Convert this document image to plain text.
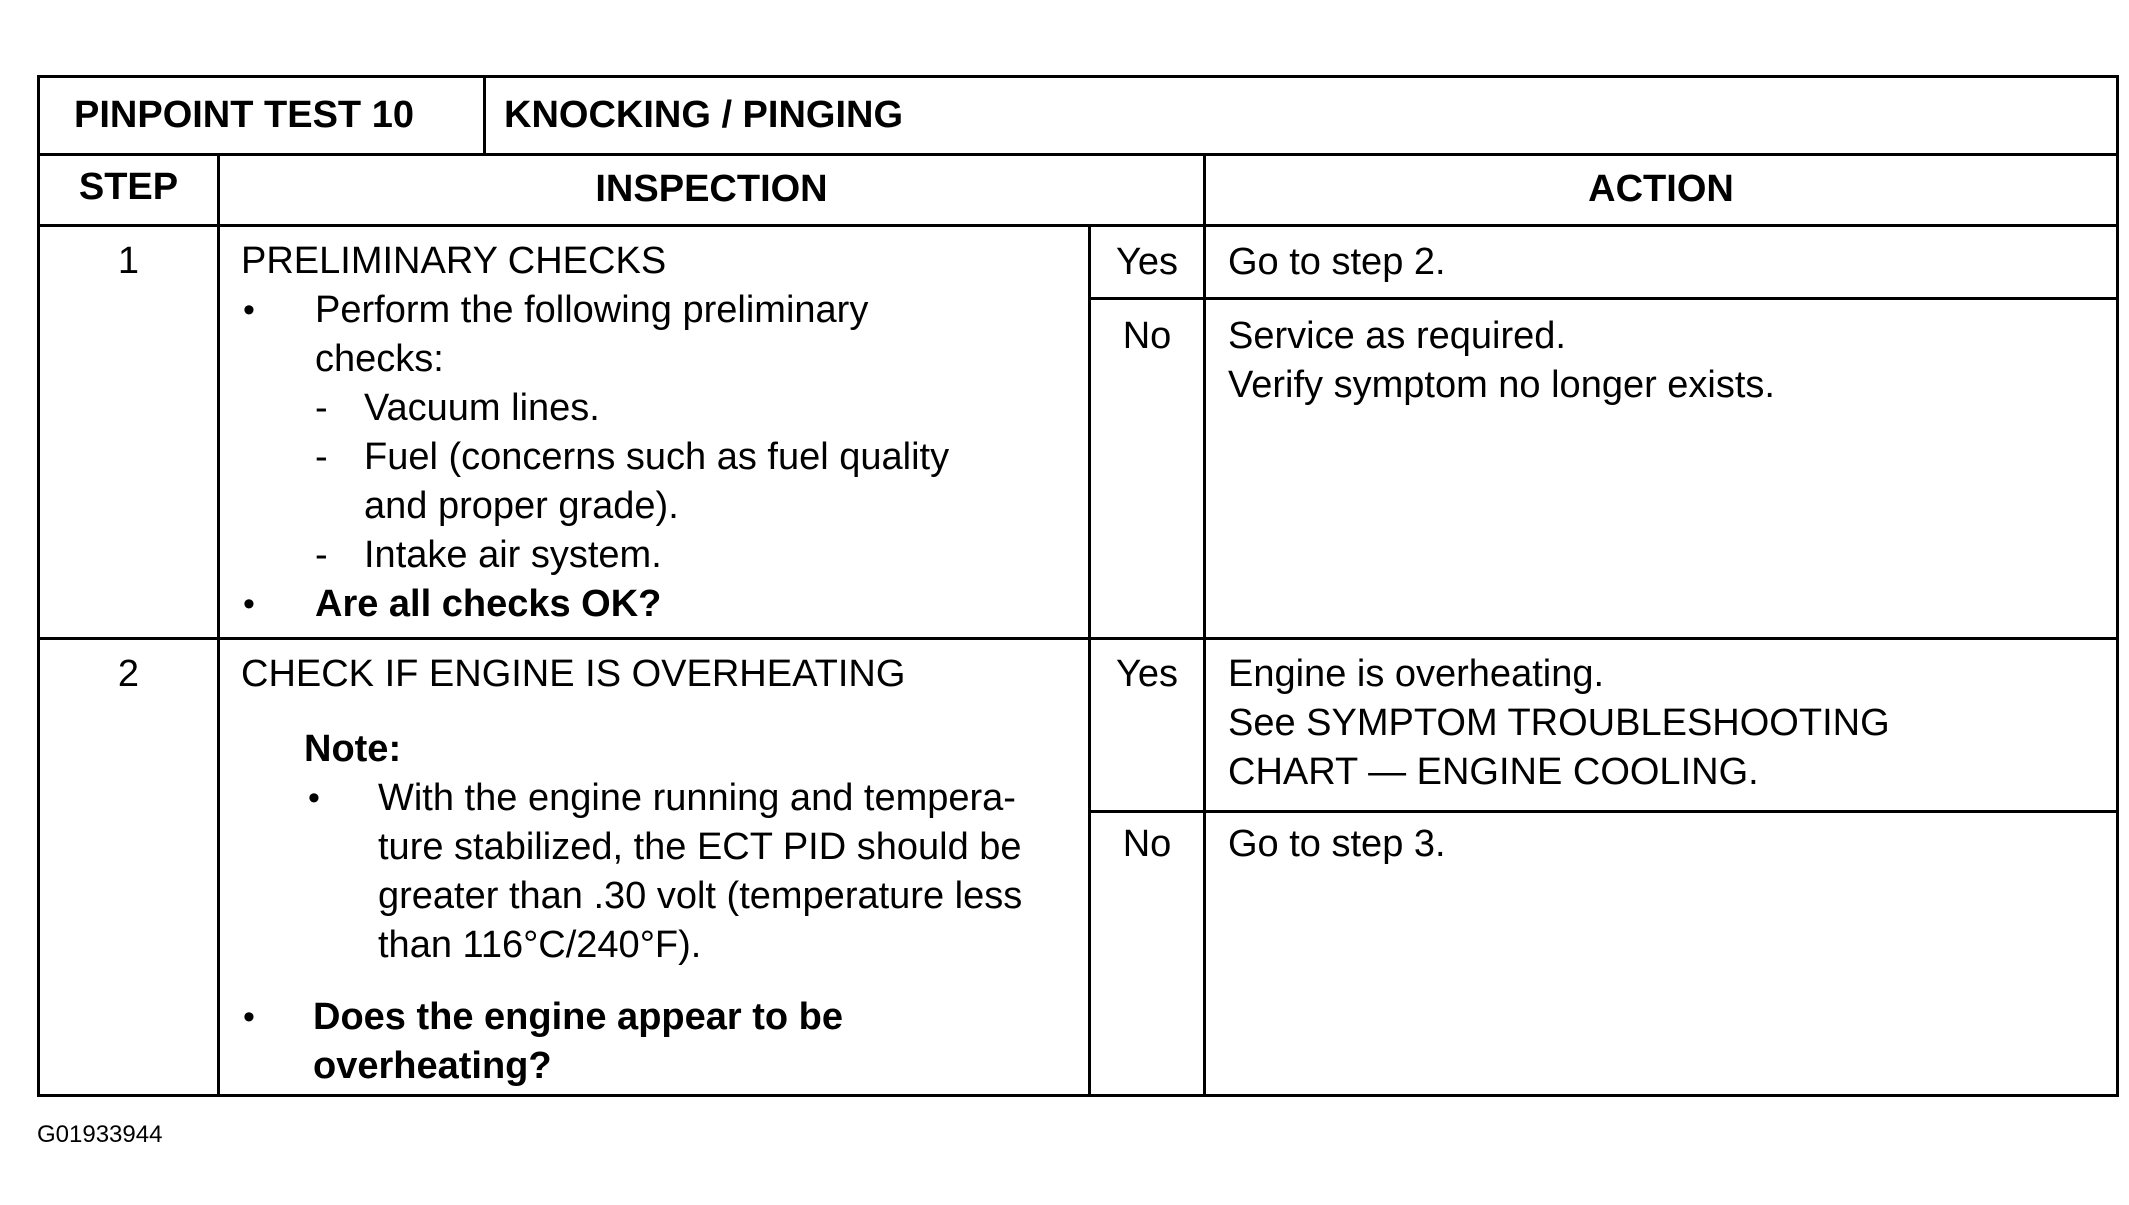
PINPOINT TEST 10 KNOCKING / PINGING
STEP	INSPECTION	ACTION
1	PRELIMINARY CHECKS
• Perform the following preliminary
checks:
- Vacuum lines.
- Fuel (concerns such as fuel quality
and proper grade).
- Intake air system.
• Are all checks OK?
Yes	Go to step 2.
No	Service as required.
Verify symptom no longer exists.
2	CHECK IF ENGINE IS OVERHEATING
Note:
• With the engine running and tempera-
ture stabilized, the ECT PID should be
greater than .30 volt (temperature less
than 116°C/240°F).
• Does the engine appear to be
overheating?
Yes	Engine is overheating.
See SYMPTOM TROUBLESHOOTING
CHART — ENGINE COOLING.
No	Go to step 3.
G01933944
